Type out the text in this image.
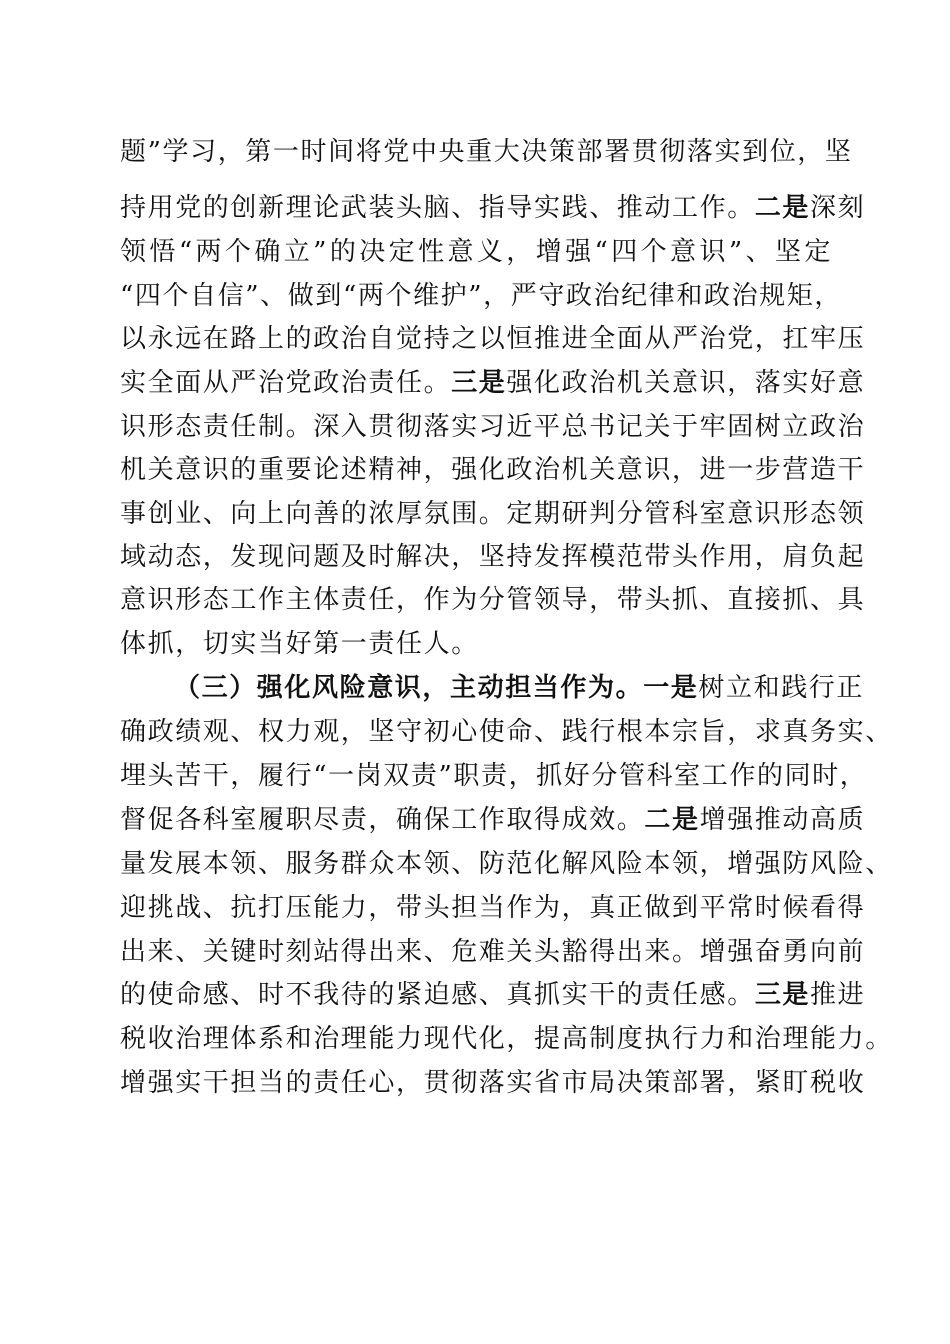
题”学习，第一时间将党中央重大决策部署贯彻落实到位，坚
持用党的创新理论武装头脑、指导实践、推动工作。二是深刻
领悟“两个确立”的决定性意义，增强“四个意识”、坚定
“四个自信”、做到“两个维护”，严守政治纪律和政治规矩，
以永远在路上的政治自觉持之以恒推进全面从严治党，扛牢压
实全面从严治党政治责任。三是强化政治机关意识，落实好意
识形态责任制。深入贯彻落实习近平总书记关于牢固树立政治
机关意识的重要论述精神，强化政治机关意识，进一步营造干
事创业、向上向善的浓厚氛围。定期研判分管科室意识形态领
域动态，发现问题及时解决，坚持发挥模范带头作用，肩负起
意识形态工作主体责任，作为分管领导，带头抓、直接抓、具
体抓，切实当好第一责任人。
（三）强化风险意识，主动担当作为。一是树立和践行正
确政绩观、权力观，坚守初心使命、践行根本宗旨，求真务实、
埋头苦干，履行“一岗双责”职责，抓好分管科室工作的同时，
督促各科室履职尽责，确保工作取得成效。二是增强推动高质
量发展本领、服务群众本领、防范化解风险本领，增强防风险、
迎挑战、抗打压能力，带头担当作为，真正做到平常时候看得
出来、关键时刻站得出来、危难关头豁得出来。增强奋勇向前
的使命感、时不我待的紧迫感、真抓实干的责任感。三是推进
税收治理体系和治理能力现代化，提高制度执行力和治理能力。
增强实干担当的责任心，贯彻落实省市局决策部署，紧盯税收
